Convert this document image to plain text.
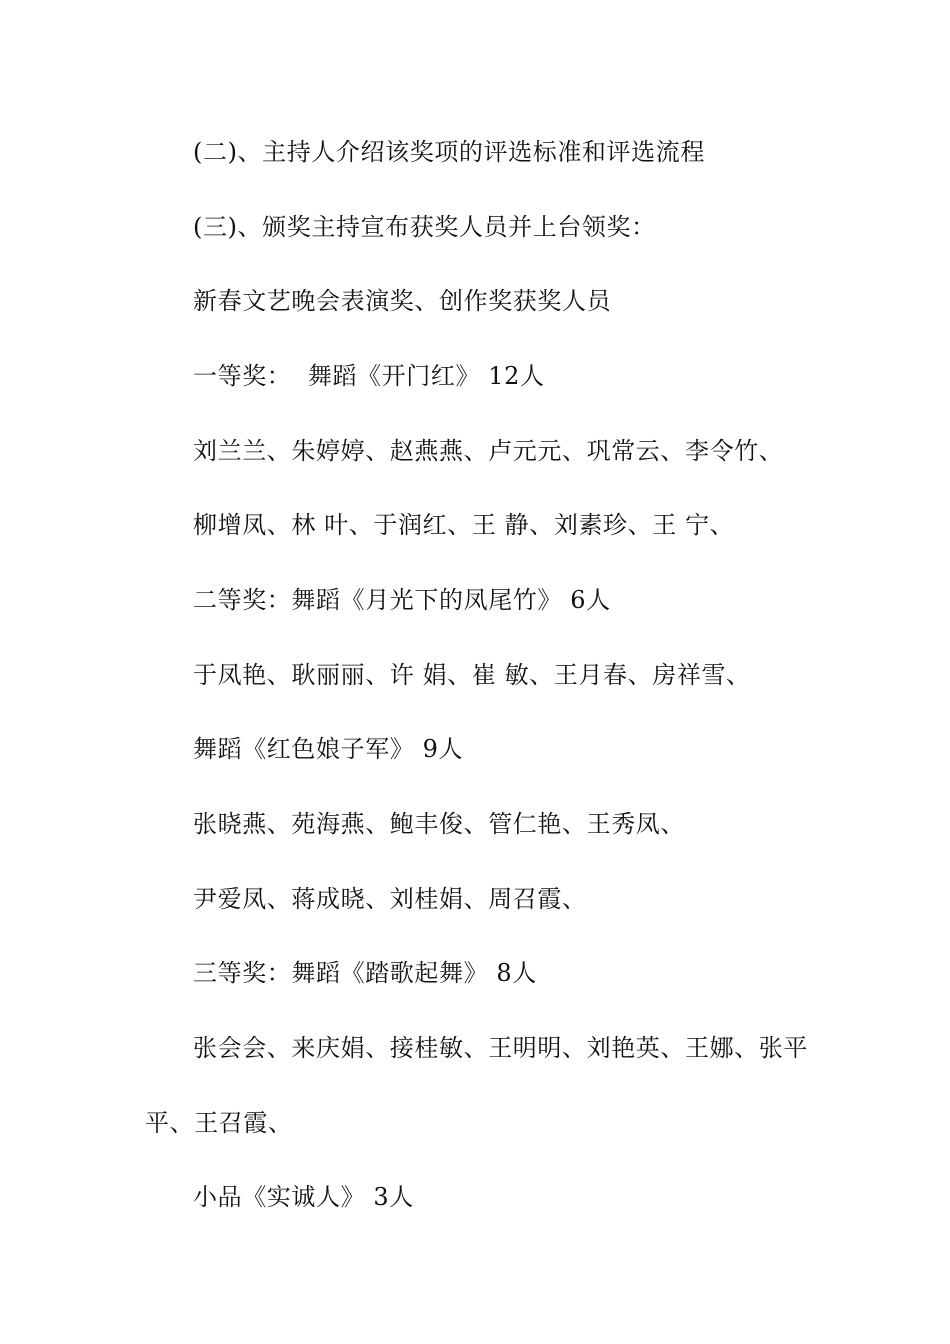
(二)、主持人介绍该奖项的评选标准和评选流程
(三)、颁奖主持宣布获奖人员并上台领奖：
新春文艺晚会表演奖、创作奖获奖人员
一等奖：  舞蹈《开门红》 12人
刘兰兰、朱婷婷、赵燕燕、卢元元、巩常云、李令竹、
柳增凤、林 叶、于润红、王 静、刘素珍、王 宁、
二等奖：舞蹈《月光下的凤尾竹》 6人
于凤艳、耿丽丽、许 娟、崔 敏、王月春、房祥雪、
舞蹈《红色娘子军》 9人
张晓燕、苑海燕、鲍丰俊、管仁艳、王秀凤、
尹爱凤、蒋成晓、刘桂娟、周召霞、
三等奖：舞蹈《踏歌起舞》 8人
张会会、来庆娟、接桂敏、王明明、刘艳英、王娜、张平
平、王召霞、
小品《实诚人》 3人
